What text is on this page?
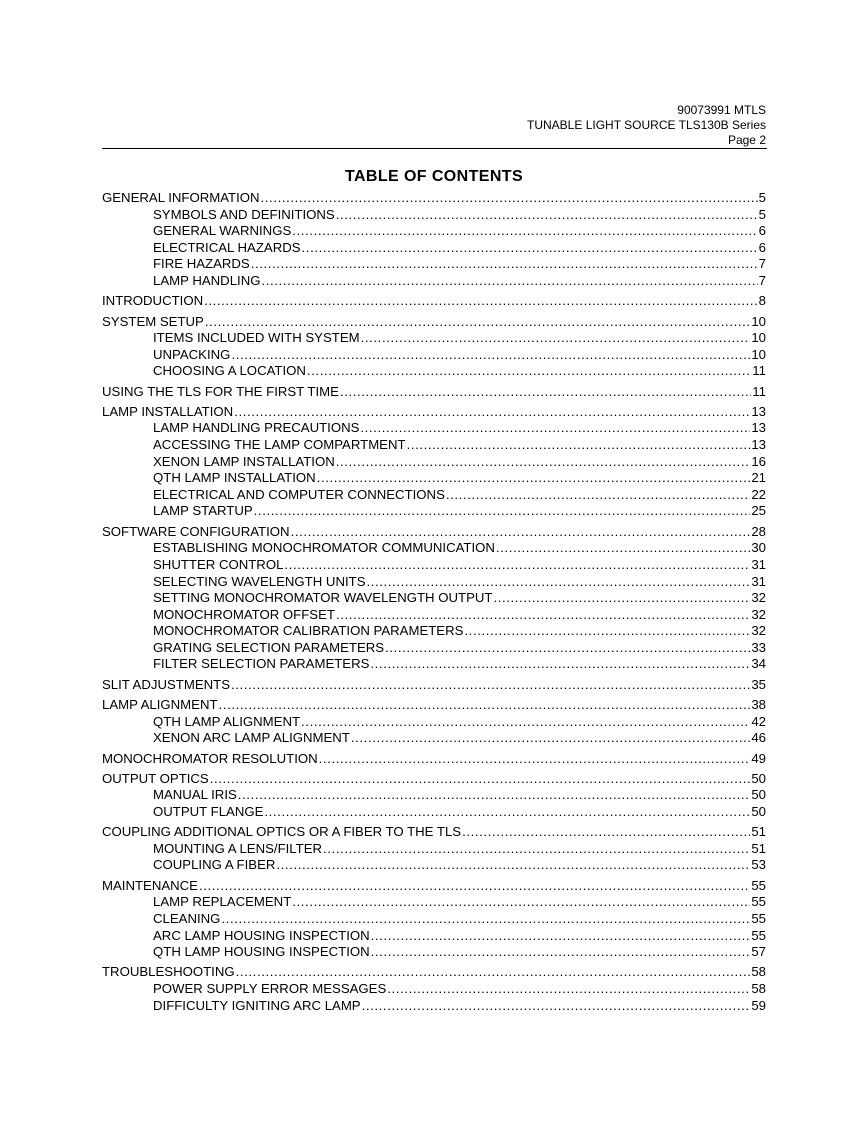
90073991 MTLS
TUNABLE LIGHT SOURCE TLS130B Series
Page 2
TABLE OF CONTENTS
GENERAL INFORMATION .....	5
SYMBOLS AND DEFINITIONS .....	5
GENERAL WARNINGS .....	6
ELECTRICAL HAZARDS .....	6
FIRE HAZARDS .....	7
LAMP HANDLING .....	7
INTRODUCTION .....	8
SYSTEM SETUP .....	10
ITEMS INCLUDED WITH SYSTEM .....	10
UNPACKING .....	10
CHOOSING A LOCATION .....	11
USING THE TLS FOR THE FIRST TIME .....	11
LAMP INSTALLATION .....	13
LAMP HANDLING PRECAUTIONS .....	13
ACCESSING THE LAMP COMPARTMENT .....	13
XENON LAMP INSTALLATION .....	16
QTH LAMP INSTALLATION .....	21
ELECTRICAL AND COMPUTER CONNECTIONS .....	22
LAMP STARTUP .....	25
SOFTWARE CONFIGURATION .....	28
ESTABLISHING MONOCHROMATOR COMMUNICATION .....	30
SHUTTER CONTROL .....	31
SELECTING WAVELENGTH UNITS .....	31
SETTING MONOCHROMATOR WAVELENGTH OUTPUT .....	32
MONOCHROMATOR OFFSET .....	32
MONOCHROMATOR CALIBRATION PARAMETERS .....	32
GRATING SELECTION PARAMETERS .....	33
FILTER SELECTION PARAMETERS .....	34
SLIT ADJUSTMENTS .....	35
LAMP ALIGNMENT .....	38
QTH LAMP ALIGNMENT .....	42
XENON ARC LAMP ALIGNMENT .....	46
MONOCHROMATOR RESOLUTION .....	49
OUTPUT OPTICS .....	50
MANUAL IRIS .....	50
OUTPUT FLANGE .....	50
COUPLING ADDITIONAL OPTICS OR A FIBER TO THE TLS .....	51
MOUNTING A LENS/FILTER .....	51
COUPLING A FIBER .....	53
MAINTENANCE .....	55
LAMP REPLACEMENT .....	55
CLEANING .....	55
ARC LAMP HOUSING INSPECTION .....	55
QTH LAMP HOUSING INSPECTION .....	57
TROUBLESHOOTING .....	58
POWER SUPPLY ERROR MESSAGES .....	58
DIFFICULTY IGNITING ARC LAMP .....	59
